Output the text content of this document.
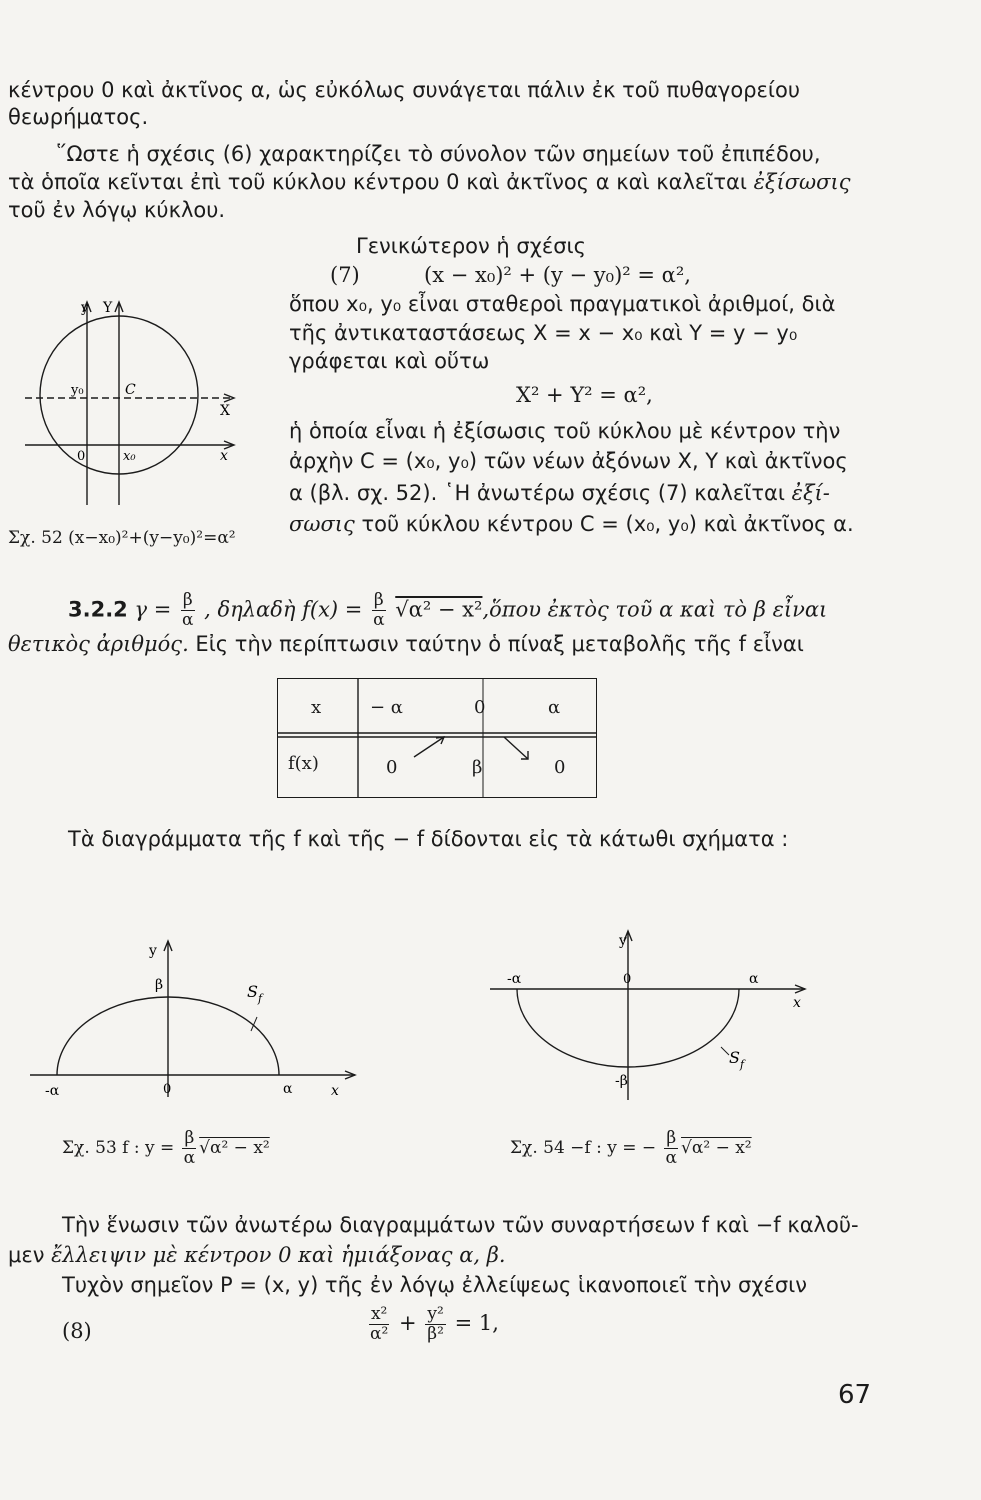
κέντρου 0 καὶ ἀκτῖνος α, ὡς εὐκόλως συνάγεται πάλιν ἐκ τοῦ πυθαγορείου
θεωρήματος.
῞Ωστε ἡ σχέσις (6) χαρακτηρίζει τὸ σύνολον τῶν σημείων τοῦ ἐπιπέδου,
τὰ ὁποῖα κεῖνται ἐπὶ τοῦ κύκλου κέντρου 0 καὶ ἀκτῖνος α καὶ καλεῖται ἐξίσωσις
τοῦ ἐν λόγῳ κύκλου.
Γενικώτερον ἡ σχέσις
(7)	(x − x₀)² + (y − y₀)² = α²,
ὅπου x₀, y₀ εἶναι σταθεροὶ πραγματικοὶ ἀριθμοί, διὰ
τῆς ἀντικαταστάσεως X = x − x₀ καὶ Y = y − y₀
γράφεται καὶ οὕτω
X² + Y² = α²,
ἡ ὁποία εἶναι ἡ ἐξίσωσις τοῦ κύκλου μὲ κέντρον τὴν
ἀρχὴν C = (x₀, y₀) τῶν νέων ἀξόνων X, Y καὶ ἀκτῖνος
α (βλ. σχ. 52). ῾Η ἀνωτέρω σχέσις (7) καλεῖται ἐξί-
σωσις τοῦ κύκλου κέντρου C = (x₀, y₀) καὶ ἀκτῖνος α.
y Y
y₀	C
X
0	x₀	x
Σχ. 52 (x−x₀)²+(y−y₀)²=α²
3.2.2 $\gamma = \frac{\beta}{\alpha}$ , δηλαδὴ $f(x) = \frac{\beta}{\alpha} √\alpha^2$ − x²,ὅπου ἐκτὸς τοῦ α καὶ τὸ β εἶναι
θετικὸς ἀριθμός. Εἰς τὴν περίπτωσιν ταύτην ὁ πίναξ μεταβολῆς τῆς f εἶναι
x	− α	0	α
f(x)	0	β	0
Τὰ διαγράμματα τῆς f καὶ τῆς − f δίδονται εἰς τὰ κάτωθι σχήματα :
y
β	$S_f$
-α	0	α	x
Σχ. 53 f : $y = \frac{\beta}{\alpha} √\alpha^2 - x^2$
y
-α	0	α
x
$S_f$
-β
Σχ. 54 −f : y = − $\frac{\beta}{\alpha} √\alpha^2 - x^2$
Τὴν ἕνωσιν τῶν ἀνωτέρω διαγραμμάτων τῶν συναρτήσεων f καὶ −f καλοῦ-
μεν ἔλλειψιν μὲ κέντρον 0 καὶ ἡμιάξονας α, β.
Τυχὸν σημεῖον P = (x, y) τῆς ἐν λόγῳ ἐλλείψεως ἱκανοποιεῖ τὴν σχέσιν
(8)	$\frac{\text{x²}}{\text{α²}} + \frac{\text{y²}}{\text{β²}} = 1$,
67
